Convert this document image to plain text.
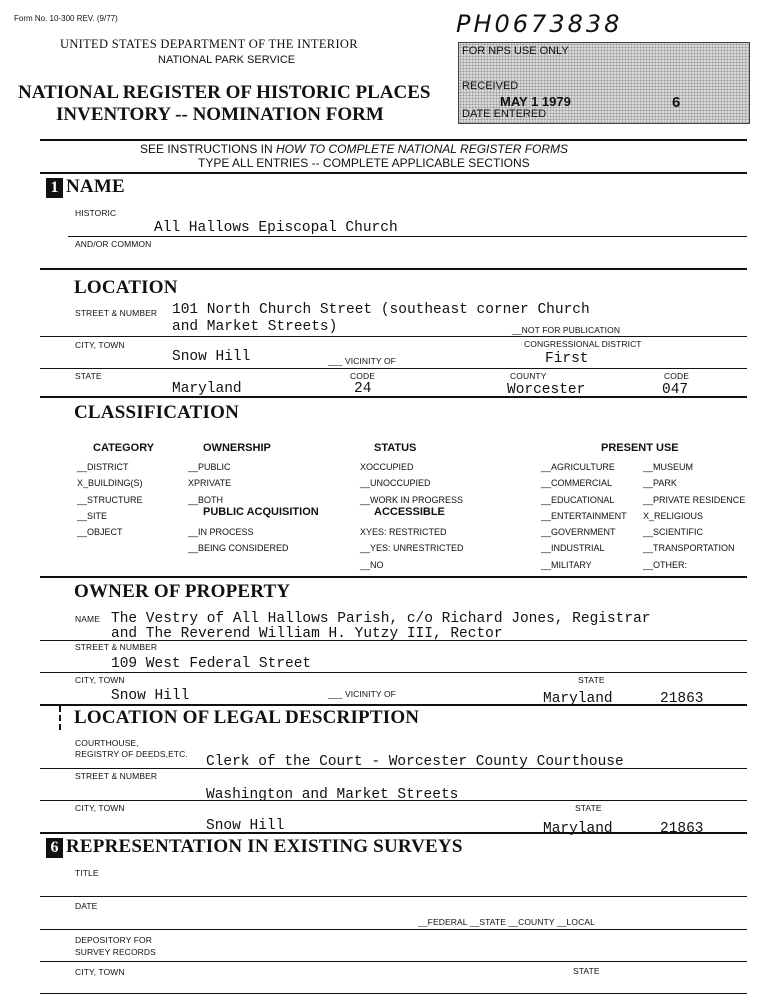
Form No. 10-300 REV. (9/77)
UNITED STATES DEPARTMENT OF THE INTERIOR
NATIONAL PARK SERVICE
NATIONAL REGISTER OF HISTORIC PLACES
INVENTORY -- NOMINATION FORM
PH0673838
FOR NPS USE ONLY
RECEIVED
DATE ENTERED
MAY 1 1979	6
SEE INSTRUCTIONS IN HOW TO COMPLETE NATIONAL REGISTER FORMS
TYPE ALL ENTRIES -- COMPLETE APPLICABLE SECTIONS
1 NAME
HISTORIC
All Hallows Episcopal Church
AND/OR COMMON
LOCATION
STREET & NUMBER 101 North Church Street (southeast corner Church
and Market Streets)	__NOT FOR PUBLICATION
CITY, TOWN	CONGRESSIONAL DISTRICT
Snow Hill	___ VICINITY OF	First
STATE	CODE	COUNTY	CODE
Maryland	24	Worcester	047
CLASSIFICATION
CATEGORY
__DISTRICT
X_BUILDING(S)
__STRUCTURE
__SITE
__OBJECT
OWNERSHIP
__PUBLIC
XPRIVATE
__BOTH
PUBLIC ACQUISITION
__IN PROCESS
__BEING CONSIDERED
STATUS
XOCCUPIED
__UNOCCUPIED
__WORK IN PROGRESS
ACCESSIBLE
XYES: RESTRICTED
__YES: UNRESTRICTED
__NO
PRESENT USE
__AGRICULTURE
__COMMERCIAL
__EDUCATIONAL
__ENTERTAINMENT
__GOVERNMENT
__INDUSTRIAL
__MILITARY
__MUSEUM
__PARK
__PRIVATE RESIDENCE
X_RELIGIOUS
__SCIENTIFIC
__TRANSPORTATION
__OTHER:
OWNER OF PROPERTY
NAME The Vestry of All Hallows Parish, c/o Richard Jones, Registrar
and The Reverend William H. Yutzy III, Rector
STREET & NUMBER
109 West Federal Street
CITY, TOWN	STATE
Snow Hill	___ VICINITY OF	Maryland	21863
LOCATION OF LEGAL DESCRIPTION
COURTHOUSE,
REGISTRY OF DEEDS,ETC. Clerk of the Court - Worcester County Courthouse
STREET & NUMBER
Washington and Market Streets
CITY, TOWN	STATE
Snow Hill	Maryland	21863
6 REPRESENTATION IN EXISTING SURVEYS
TITLE
DATE
__FEDERAL __STATE __COUNTY __LOCAL
DEPOSITORY FOR
SURVEY RECORDS
CITY, TOWN	STATE
